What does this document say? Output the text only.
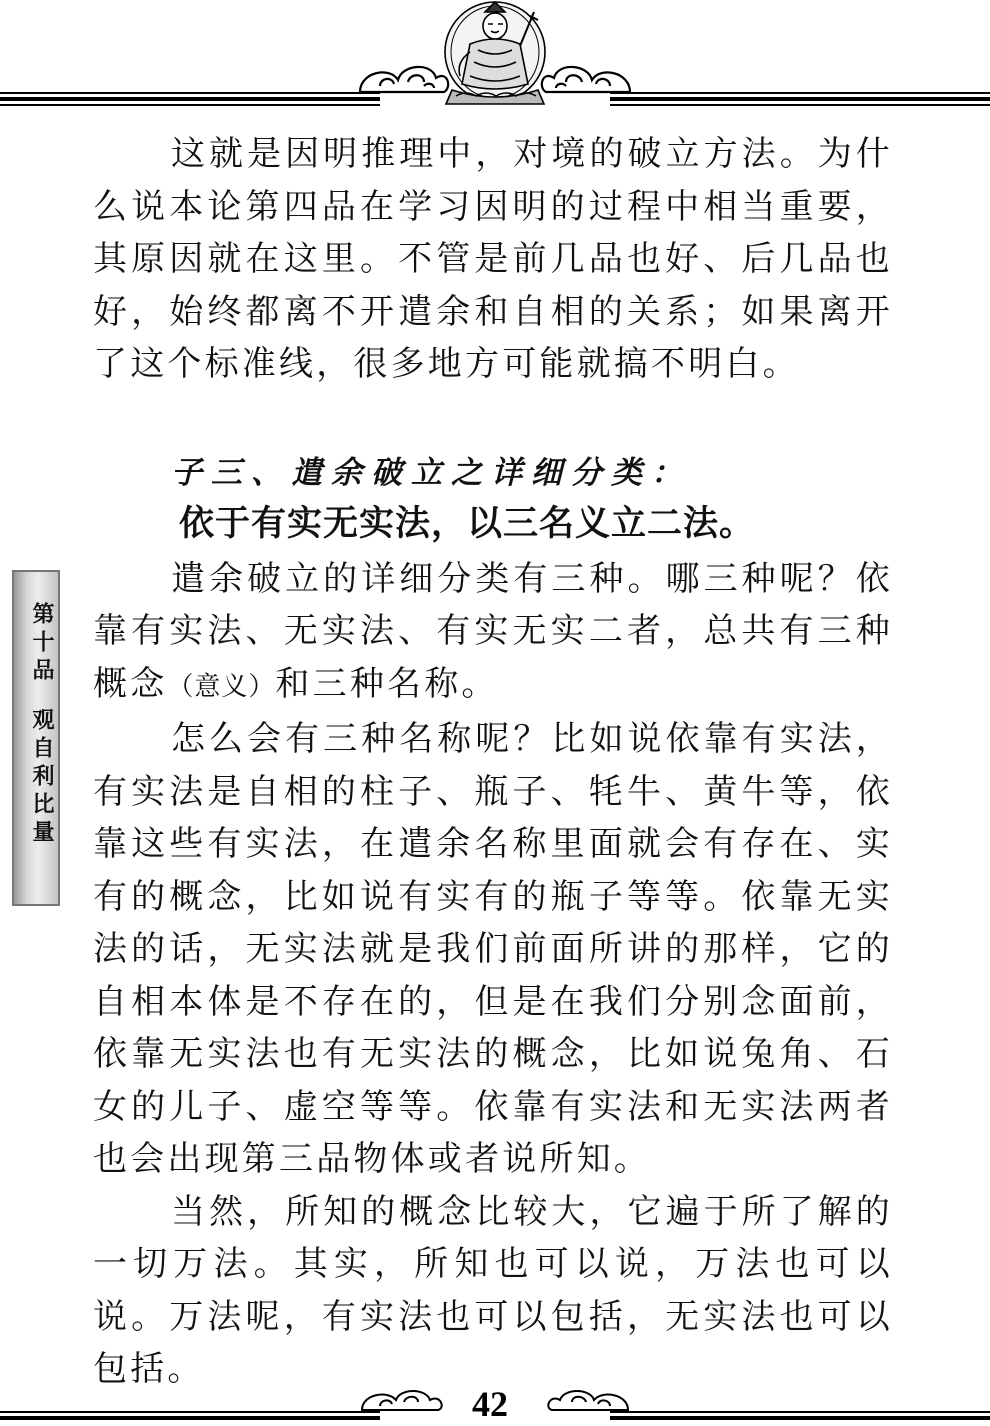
这就是因明推理中，对境的破立方法。为什么说本论第四品在学习因明的过程中相当重要，其原因就在这里。不管是前几品也好、后几品也好，始终都离不开遣余和自相的关系；如果离开了这个标准线，很多地方可能就搞不明白。

子三、遣余破立之详细分类：

依于有实无实法，以三名义立二法。

遣余破立的详细分类有三种。哪三种呢？依靠有实法、无实法、有实无实二者，总共有三种概念（意义）和三种名称。

怎么会有三种名称呢？比如说依靠有实法，有实法是自相的柱子、瓶子、牦牛、黄牛等，依靠这些有实法，在遣余名称里面就会有存在、实有的概念，比如说有实有的瓶子等等。依靠无实法的话，无实法就是我们前面所讲的那样，它的自相本体是不存在的，但是在我们分别念面前，依靠无实法也有无实法的概念，比如说兔角、石女的儿子、虚空等等。依靠有实法和无实法两者也会出现第三品物体或者说所知。

当然，所知的概念比较大，它遍于所了解的一切万法。其实，所知也可以说，万法也可以说。万法呢，有实法也可以包括，无实法也可以包括。

第十品观自利比量
42
